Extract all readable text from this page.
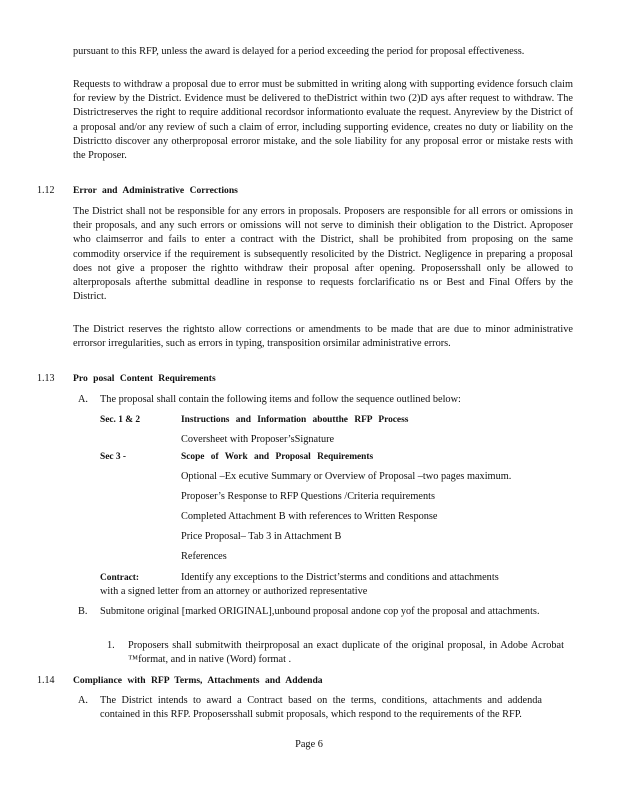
pursuant to this RFP, unless the award is delayed for a period exceeding the period for proposal effectiveness.

Requests to withdraw a proposal due to error must be submitted in writing along with supporting evidence forsuch claim for review by the District. Evidence must be delivered to theDistrict within two (2)D ays after request to withdraw. The Districtreserves the right to require additional recordsor informationto evaluate the request. Anyreview by the District of a proposal and/or any review of such a claim of error, including supporting evidence, creates no duty or liability on the Districtto discover any otherproposal erroror mistake, and the sole liability for any proposal error or mistake rests with the Proposer.

1.12 Error and Administrative Corrections

The District shall not be responsible for any errors in proposals. Proposers are responsible for all errors or omissions in their proposals, and any such errors or omissions will not serve to diminish their obligation to the District. Aproposer who claimserror and fails to enter a contract with the District, shall be prohibited from proposing on the same commodity orservice if the requirement is subsequently resolicited by the District. Negligence in preparing a proposal does not give a proposer the rightto withdraw their proposal after opening. Proposersshall only be allowed to alterproposals afterthe submittal deadline in response to requests forclarificatio ns or Best and Final Offers by the District.

The District reserves the rightsto allow corrections or amendments to be made that are due to minor administrative errorsor irregularities, such as errors in typing, transposition orsimilar administrative errors.

1.13 Pro posal Content Requirements
A. The proposal shall contain the following items and follow the sequence outlined below:

Sec. 1 & 2	Instructions and Information aboutthe RFP Process
Coversheet with Proposer’sSignature
Sec 3 -	Scope of Work and Proposal Requirements
Optional –Ex ecutive Summary or Overview of Proposal –two pages maximum.
Proposer’s Response to RFP Questions /Criteria requirements
Completed Attachment B with references to Written Response
Price Proposal– Tab 3 in Attachment B
References
Contract:	Identify any exceptions to the District’sterms and conditions and attachments
with a signed letter from an attorney or authorized representative
B. Submitone original [marked ORIGINAL],unbound proposal andone cop yof the proposal and attachments.

1. Proposers shall submitwith theirproposal an exact duplicate of the original proposal, in Adobe Acrobat ™format, and in native (Word) format .

1.14 Compliance with RFP Terms, Attachments and Addenda
A. The District intends to award a Contract based on the terms, conditions, attachments and addenda contained in this RFP. Proposersshall submit proposals, which respond to the requirements of the RFP.

Page 6
